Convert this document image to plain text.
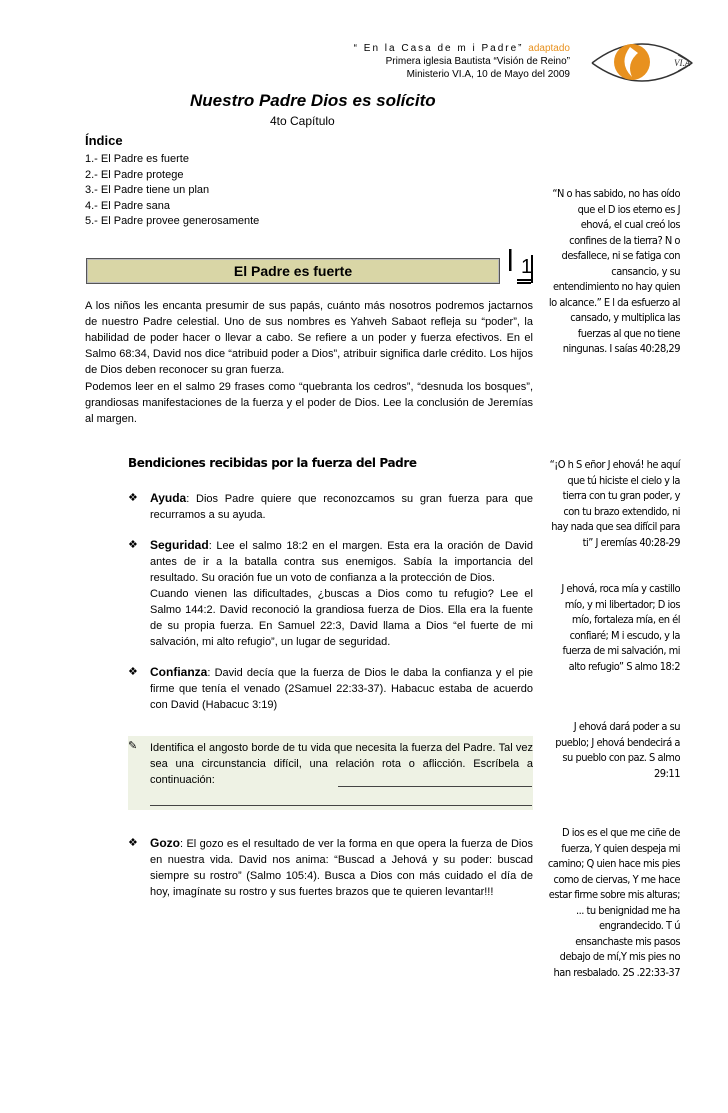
“ En la Casa de m i Padre” adaptado
Primera iglesia Bautista “Visión de Reino”
Ministerio VI.A, 10 de Mayo del 2009
VI.A
Nuestro Padre Dios es solícito
4to Capítulo
Índice
1.- El Padre es fuerte
2.- El Padre protege
3.- El Padre tiene un plan
4.- El Padre sana
5.- El Padre provee generosamente
El Padre es fuerte	1

A los niños les encanta presumir de sus papás, cuánto más nosotros podremos jactarnos de nuestro Padre celestial. Uno de sus nombres es Yahveh Sabaot refleja su “poder”, la habilidad de poder hacer o llevar a cabo. Se refiere a un poder y fuerza efectivos. En el Salmo 68:34, David nos dice “atribuid poder a Dios”, atribuir significa darle crédito. Los hijos de Dios deben reconocer su gran fuerza.

Podemos leer en el salmo 29 frases como “quebranta los cedros”, “desnuda los bosques”, grandiosas manifestaciones de la fuerza y el poder de Dios. Lee la conclusión de Jeremías al margen.

Bendiciones recibidas por la fuerza del Padre
❖ Ayuda: Dios Padre quiere que reconozcamos su gran fuerza para que recurramos a su ayuda.
❖ Seguridad: Lee el salmo 18:2 en el margen. Esta era la oración de David antes de ir a la batalla contra sus enemigos. Sabía la importancia del resultado. Su oración fue un voto de confianza a la protección de Dios.
Cuando vienen las dificultades, ¿buscas a Dios como tu refugio? Lee el Salmo 144:2. David reconoció la grandiosa fuerza de Dios. Ella era la fuente de su propia fuerza. En Samuel 22:3, David llama a Dios “el fuerte de mi salvación, mi alto refugio”, un lugar de seguridad.
❖ Confianza: David decía que la fuerza de Dios le daba la confianza y el pie firme que tenía el venado (2Samuel 22:33-37). Habacuc estaba de acuerdo con David (Habacuc 3:19)
✎ Identifica el angosto borde de tu vida que necesita la fuerza del Padre. Tal vez sea una circunstancia difícil, una relación rota o aflicción. Escríbela a continuación:
❖ Gozo: El gozo es el resultado de ver la forma en que opera la fuerza de Dios en nuestra vida. David nos anima: “Buscad a Jehová y su poder: buscad siempre su rostro” (Salmo 105:4). Busca a Dios con más cuidado el día de hoy, imagínate su rostro y sus fuertes brazos que te quieren levantar!!!

“N o has sabido, no has oído que el D ios eterno es J ehová, el cual creó los confines de la tierra? N o desfallece, ni se fatiga con cansancio, y su entendimiento no hay quien lo alcance.” E l da esfuerzo al cansado, y multiplica las fuerzas al que no tiene ningunas. I saías 40:28,29

“¡O h S eñor J ehová! he aquí que tú hiciste el cielo y la tierra con tu gran poder, y con tu brazo extendido, ni hay nada que sea difícil para ti” J eremías 40:28-29

J ehová, roca mía y castillo mío, y mi libertador; D ios mío, fortaleza mía, en él confiaré; M i escudo, y la fuerza de mi salvación, mi alto refugio” S almo 18:2

J ehová dará poder a su pueblo; J ehová bendecirá a su pueblo con paz. S almo 29:11

D ios es el que me ciñe de fuerza, Y quien despeja mi camino; Q uien hace mis pies como de ciervas, Y me hace estar firme sobre mis alturas; ... tu benignidad me ha engrandecido. T ú ensanchaste mis pasos debajo de mí,Y mis pies no han resbalado. 2S .22:33-37
